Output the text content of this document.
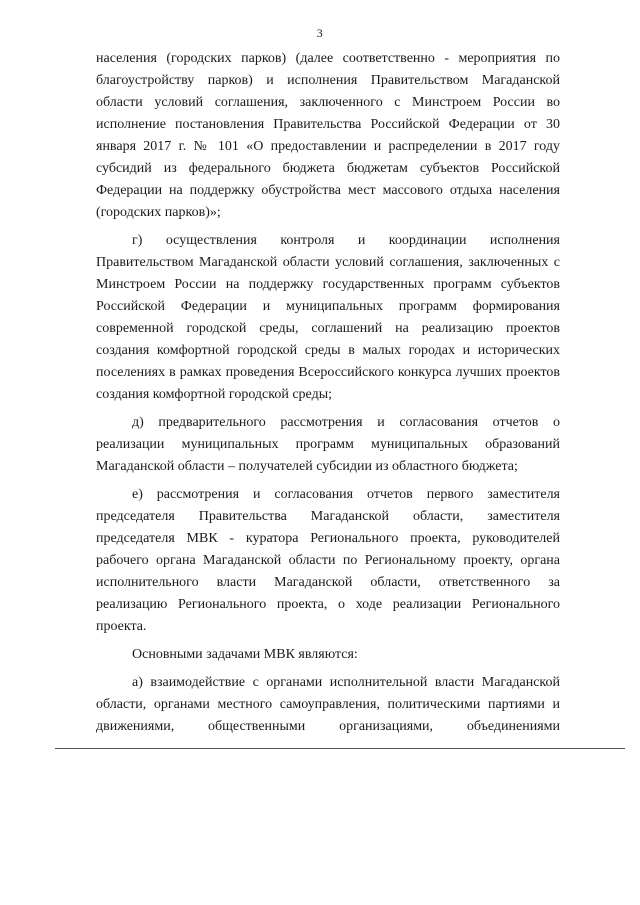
3

населения (городских парков) (далее соответственно - мероприятия по благоустройству парков) и исполнения Правительством Магаданской области условий соглашения, заключенного с Минстроем России во исполнение постановления Правительства Российской Федерации от 30 января 2017 г. № 101 «О предоставлении и распределении в 2017 году субсидий из федерального бюджета бюджетам субъектов Российской Федерации на поддержку обустройства мест массового отдыха населения (городских парков)»;

г) осуществления контроля и координации исполнения Правительством Магаданской области условий соглашения, заключенных с Минстроем России на поддержку государственных программ субъектов Российской Федерации и муниципальных программ формирования современной городской среды, соглашений на реализацию проектов создания комфортной городской среды в малых городах и исторических поселениях в рамках проведения Всероссийского конкурса лучших проектов создания комфортной городской среды;

д) предварительного рассмотрения и согласования отчетов о реализации муниципальных программ муниципальных образований Магаданской области – получателей субсидии из областного бюджета;

е) рассмотрения и согласования отчетов первого заместителя председателя Правительства Магаданской области, заместителя председателя МВК - куратора Регионального проекта, руководителей рабочего органа Магаданской области по Региональному проекту, органа исполнительного власти Магаданской области, ответственного за реализацию Регионального проекта, о ходе реализации Регионального проекта.

Основными задачами МВК являются:

а) взаимодействие с органами исполнительной власти Магаданской области, органами местного самоуправления, политическими партиями и движениями, общественными организациями, объединениями
